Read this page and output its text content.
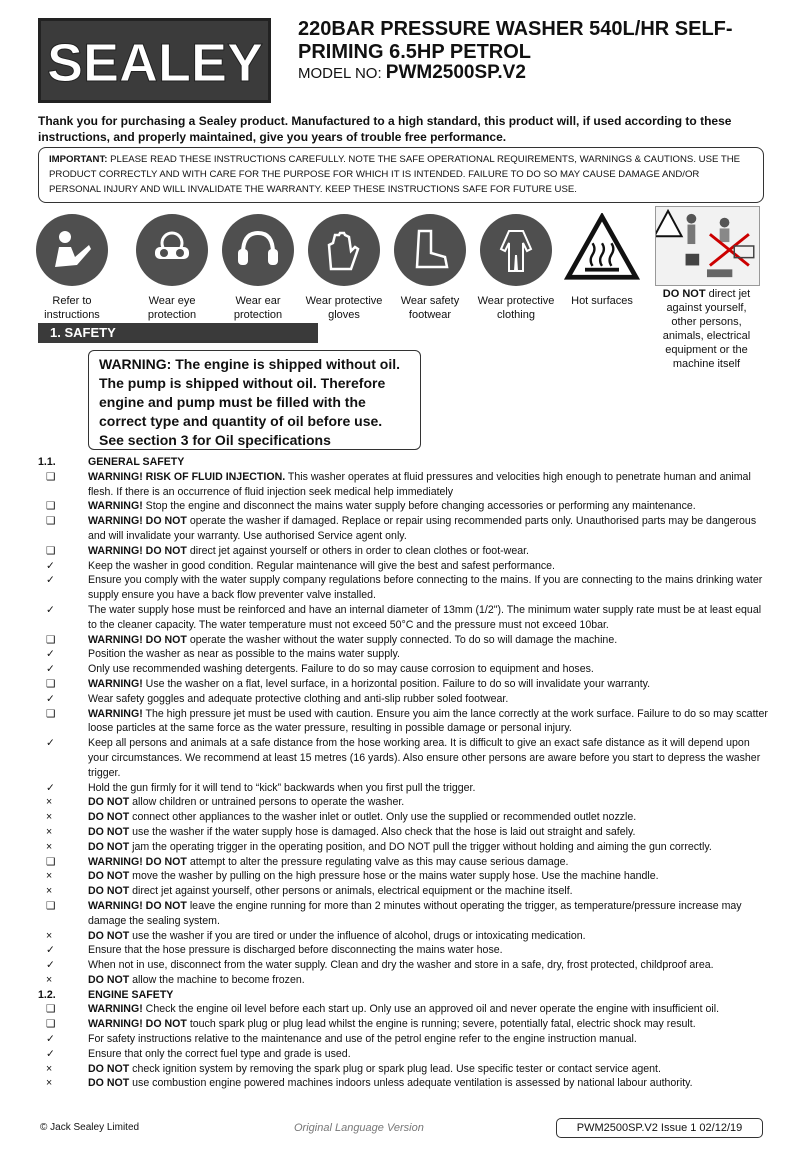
SEALEY
220BAR PRESSURE WASHER 540L/HR SELF-PRIMING 6.5HP PETROL
MODEL NO: PWM2500SP.V2
Thank you for purchasing a Sealey product. Manufactured to a high standard, this product will, if used according to these instructions, and properly maintained, give you years of trouble free performance.
IMPORTANT: PLEASE READ THESE INSTRUCTIONS CAREFULLY. NOTE THE SAFE OPERATIONAL REQUIREMENTS, WARNINGS & CAUTIONS. USE THE PRODUCT CORRECTLY AND WITH CARE FOR THE PURPOSE FOR WHICH IT IS INTENDED. FAILURE TO DO SO MAY CAUSE DAMAGE AND/OR PERSONAL INJURY AND WILL INVALIDATE THE WARRANTY. KEEP THESE INSTRUCTIONS SAFE FOR FUTURE USE.
Refer to instructions
Wear eye protection
Wear ear protection
Wear protective gloves
Wear safety footwear
Wear protective clothing
Hot surfaces
DO NOT direct jet against yourself, other persons, animals, electrical equipment or the machine itself
1. SAFETY
WARNING: The engine is shipped without oil. The pump is shipped without oil. Therefore engine and pump must be filled with the correct type and quantity of oil before use. See section 3 for Oil specifications
1.1.	GENERAL SAFETY
❑	WARNING! RISK OF FLUID INJECTION. This washer operates at fluid pressures and velocities high enough to penetrate human and animal flesh. If there is an occurrence of fluid injection seek medical help immediately
❑	WARNING! Stop the engine and disconnect the mains water supply before changing accessories or performing any maintenance.
❑	WARNING! DO NOT operate the washer if damaged. Replace or repair using recommended parts only. Unauthorised parts may be dangerous and will invalidate your warranty. Use authorised Service agent only.
❑	WARNING! DO NOT direct jet against yourself or others in order to clean clothes or foot-wear.
✓	Keep the washer in good condition. Regular maintenance will give the best and safest performance.
✓	Ensure you comply with the water supply company regulations before connecting to the mains. If you are connecting to the mains drinking water supply ensure you have a back flow preventer valve installed.
✓	The water supply hose must be reinforced and have an internal diameter of 13mm (1/2"). The minimum water supply rate must be at least equal to the cleaner capacity. The water temperature must not exceed 50°C and the pressure must not exceed 10bar.
❑	WARNING! DO NOT operate the washer without the water supply connected. To do so will damage the machine.
✓	Position the washer as near as possible to the mains water supply.
✓	Only use recommended washing detergents. Failure to do so may cause corrosion to equipment and hoses.
❑	WARNING! Use the washer on a flat, level surface, in a horizontal position. Failure to do so will invalidate your warranty.
✓	Wear safety goggles and adequate protective clothing and anti-slip rubber soled footwear.
❑	WARNING! The high pressure jet must be used with caution. Ensure you aim the lance correctly at the work surface. Failure to do so may scatter loose particles at the same force as the water pressure, resulting in possible damage or personal injury.
✓	Keep all persons and animals at a safe distance from the hose working area. It is difficult to give an exact safe distance as it will depend upon your circumstances. We recommend at least 15 metres (16 yards). Also ensure other persons are aware before you start to depress the washer trigger.
✓	Hold the gun firmly for it will tend to “kick” backwards when you first pull the trigger.
×	DO NOT allow children or untrained persons to operate the washer.
×	DO NOT connect other appliances to the washer inlet or outlet. Only use the supplied or recommended outlet nozzle.
×	DO NOT use the washer if the water supply hose is damaged. Also check that the hose is laid out straight and safely.
×	DO NOT jam the operating trigger in the operating position, and DO NOT pull the trigger without holding and aiming the gun correctly.
❑	WARNING! DO NOT attempt to alter the pressure regulating valve as this may cause serious damage.
×	DO NOT move the washer by pulling on the high pressure hose or the mains water supply hose. Use the machine handle.
×	DO NOT direct jet against yourself, other persons or animals, electrical equipment or the machine itself.
❑	WARNING! DO NOT leave the engine running for more than 2 minutes without operating the trigger, as temperature/pressure increase may damage the sealing system.
×	DO NOT use the washer if you are tired or under the influence of alcohol, drugs or intoxicating medication.
✓	Ensure that the hose pressure is discharged before disconnecting the mains water hose.
✓	When not in use, disconnect from the water supply. Clean and dry the washer and store in a safe, dry, frost protected, childproof area.
×	DO NOT allow the machine to become frozen.
1.2.	ENGINE SAFETY
❑	WARNING! Check the engine oil level before each start up. Only use an approved oil and never operate the engine with insufficient oil.
❑	WARNING! DO NOT touch spark plug or plug lead whilst the engine is running; severe, potentially fatal, electric shock may result.
✓	For safety instructions relative to the maintenance and use of the petrol engine refer to the engine instruction manual.
✓	Ensure that only the correct fuel type and grade is used.
×	DO NOT check ignition system by removing the spark plug or spark plug lead. Use specific tester or contact service agent.
×	DO NOT use combustion engine powered machines indoors unless adequate ventilation is assessed by national labour authority.
© Jack Sealey Limited	Original Language Version	PWM2500SP.V2 Issue 1 02/12/19
